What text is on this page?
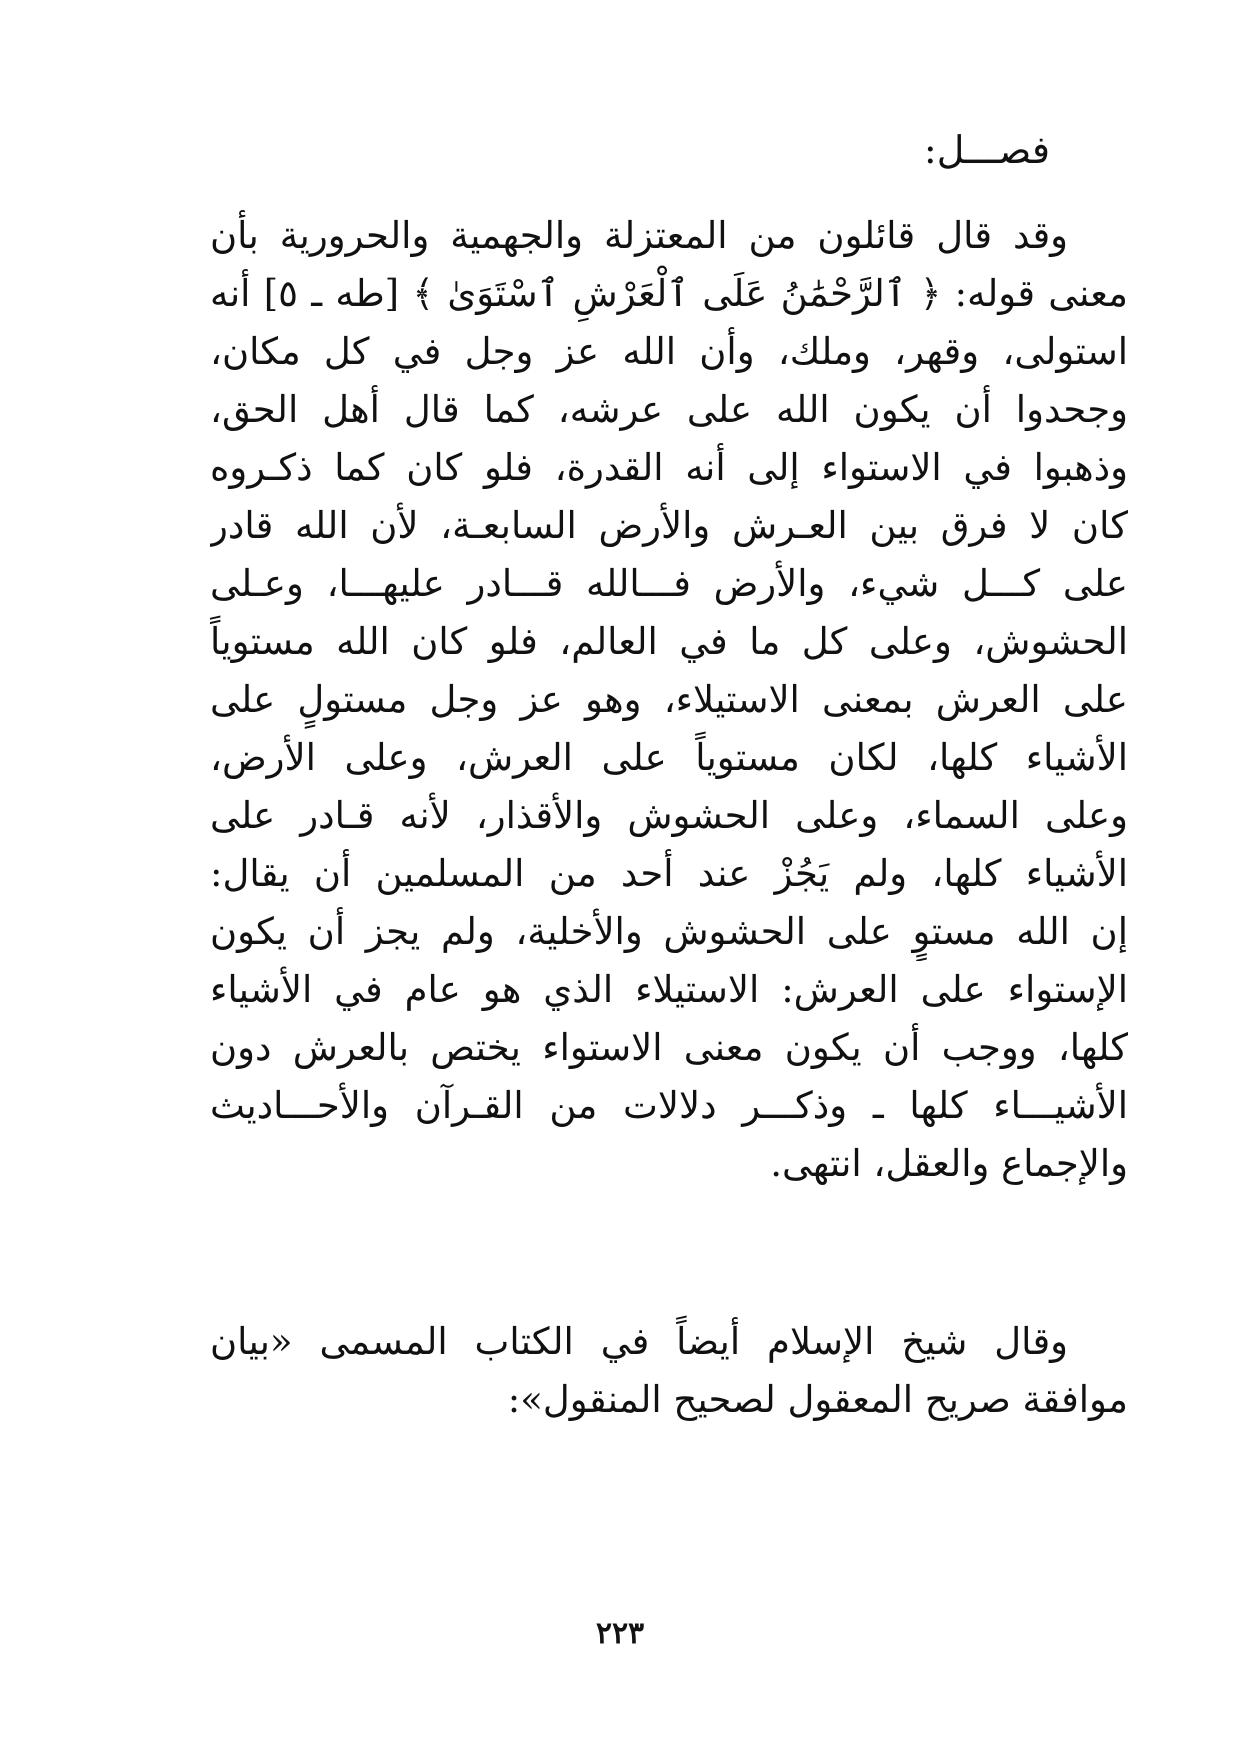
فصـــل:
وقد قال قائلون من المعتزلة والجهمية والحرورية بأن
معنى قوله: ﴿ ٱلرَّحْمَٰنُ عَلَى ٱلْعَرْشِ ٱسْتَوَىٰ ﴾ [طه ـ ٥] أنه
استولى، وقهر، وملك، وأن الله عز وجل في كل مكان،
وجحدوا أن يكون الله على عرشه، كما قال أهل الحق،
وذهبوا في الاستواء إلى أنه القدرة، فلو كان كما ذكـروه
كان لا فرق بين العـرش والأرض السابعـة، لأن الله قادر
على كـــل شيء، والأرض فـــالله قـــادر عليهـــا، وعـلى
الحشوش، وعلى كل ما في العالم، فلو كان الله مستوياً
على العرش بمعنى الاستيلاء، وهو عز وجل مستولٍ على
الأشياء كلها، لكان مستوياً على العرش، وعلى الأرض،
وعلى السماء، وعلى الحشوش والأقذار، لأنه قـادر على
الأشياء كلها، ولم يَجُزْ عند أحد من المسلمين أن يقال:
إن الله مستوٍ على الحشوش والأخلية، ولم يجز أن يكون
الإستواء على العرش: الاستيلاء الذي هو عام في الأشياء
كلها، ووجب أن يكون معنى الاستواء يختص بالعرش دون
الأشيـــاء كلها ـ وذكـــر دلالات من القـرآن والأحـــاديث
والإجماع والعقل، انتهى.
وقال شيخ الإسلام أيضاً في الكتاب المسمى «بيان
موافقة صريح المعقول لصحيح المنقول»:
٢٢٣
